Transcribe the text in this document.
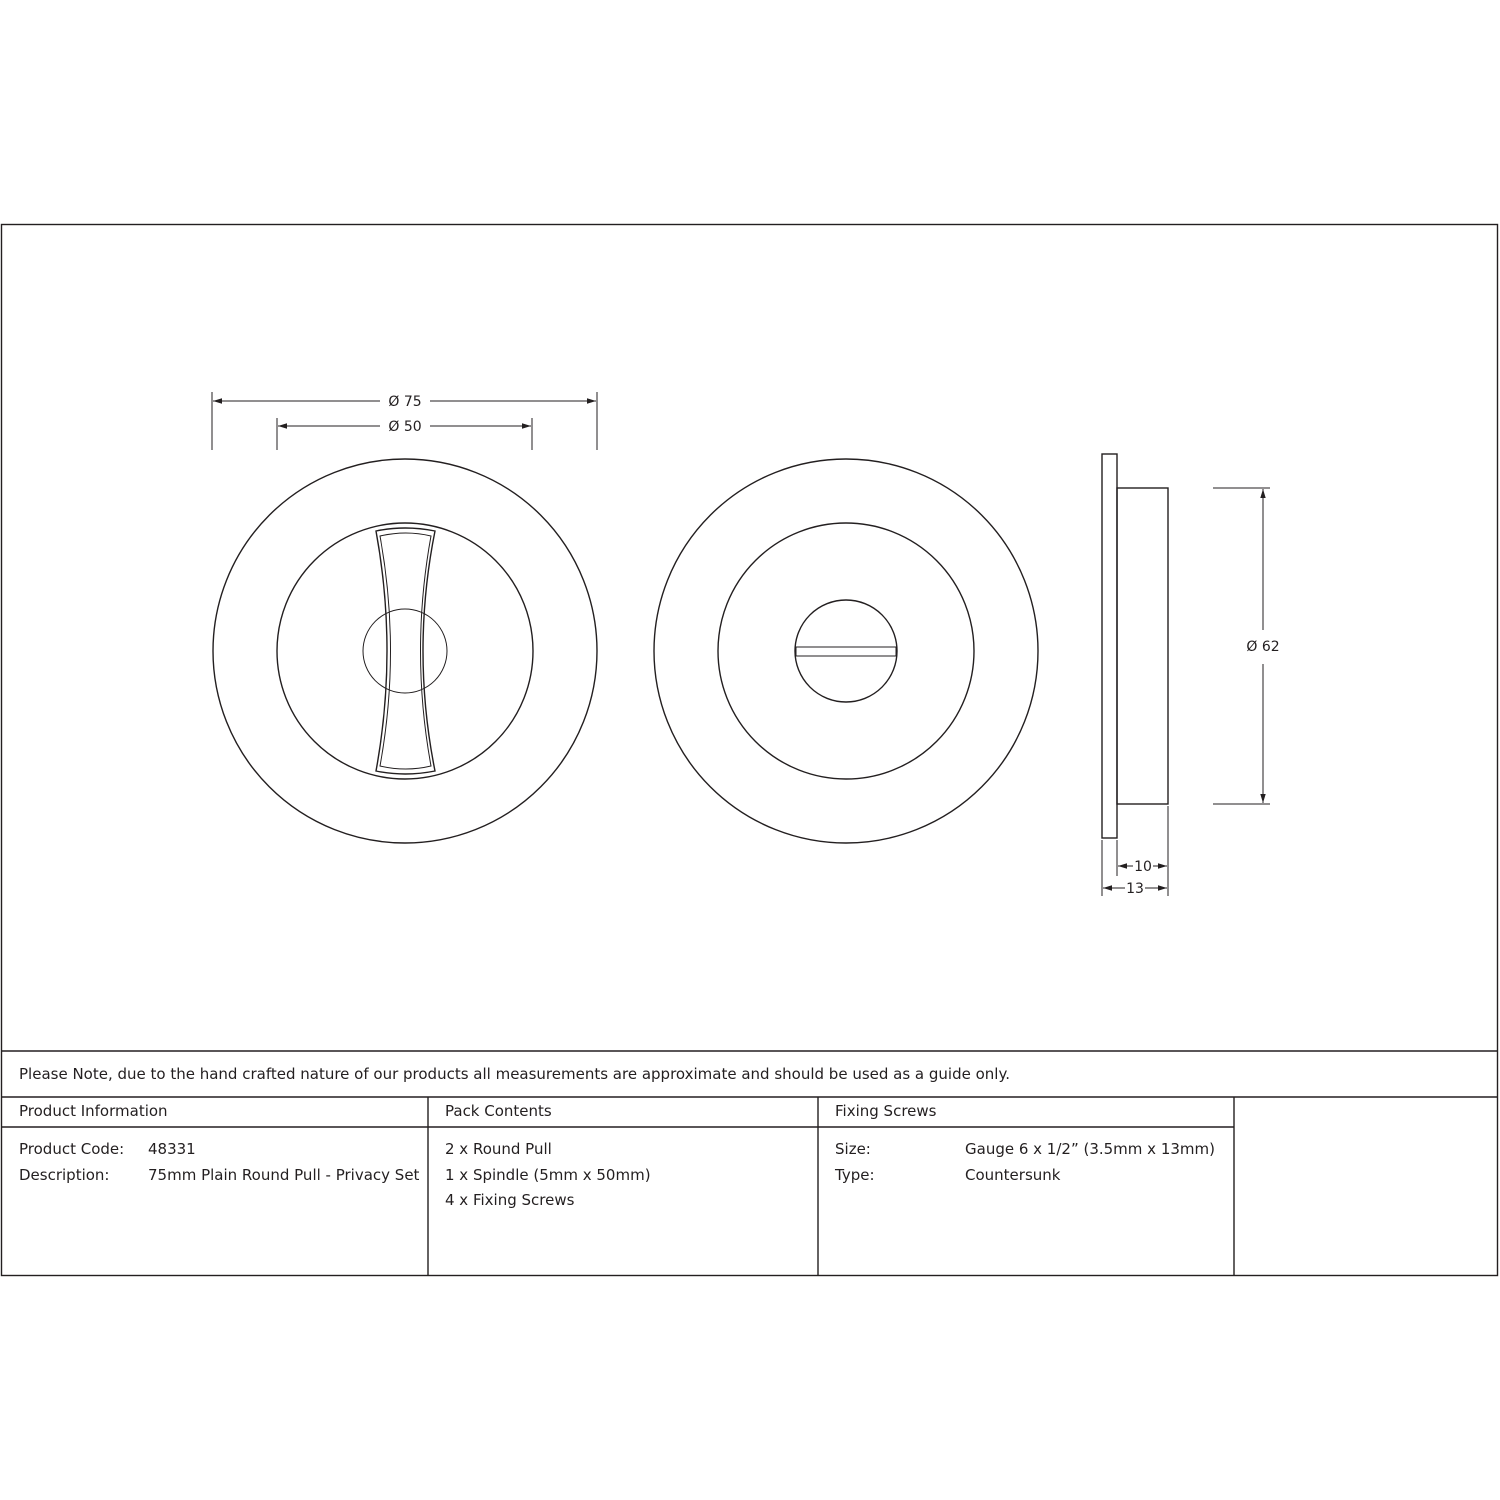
Ø 75
Ø 50
Ø 62
10
13
Please Note, due to the hand crafted nature of our products all measurements are approximate and should be used as a guide only.
Product Information
Product Code: 48331
Description:	75mm Plain Round Pull - Privacy Set
Pack Contents
2 x Round Pull
1 x Spindle (5mm x 50mm)
4 x Fixing Screws
Fixing Screws
Size:	Gauge 6 x 1/2” (3.5mm x 13mm)
Type:	Countersunk
